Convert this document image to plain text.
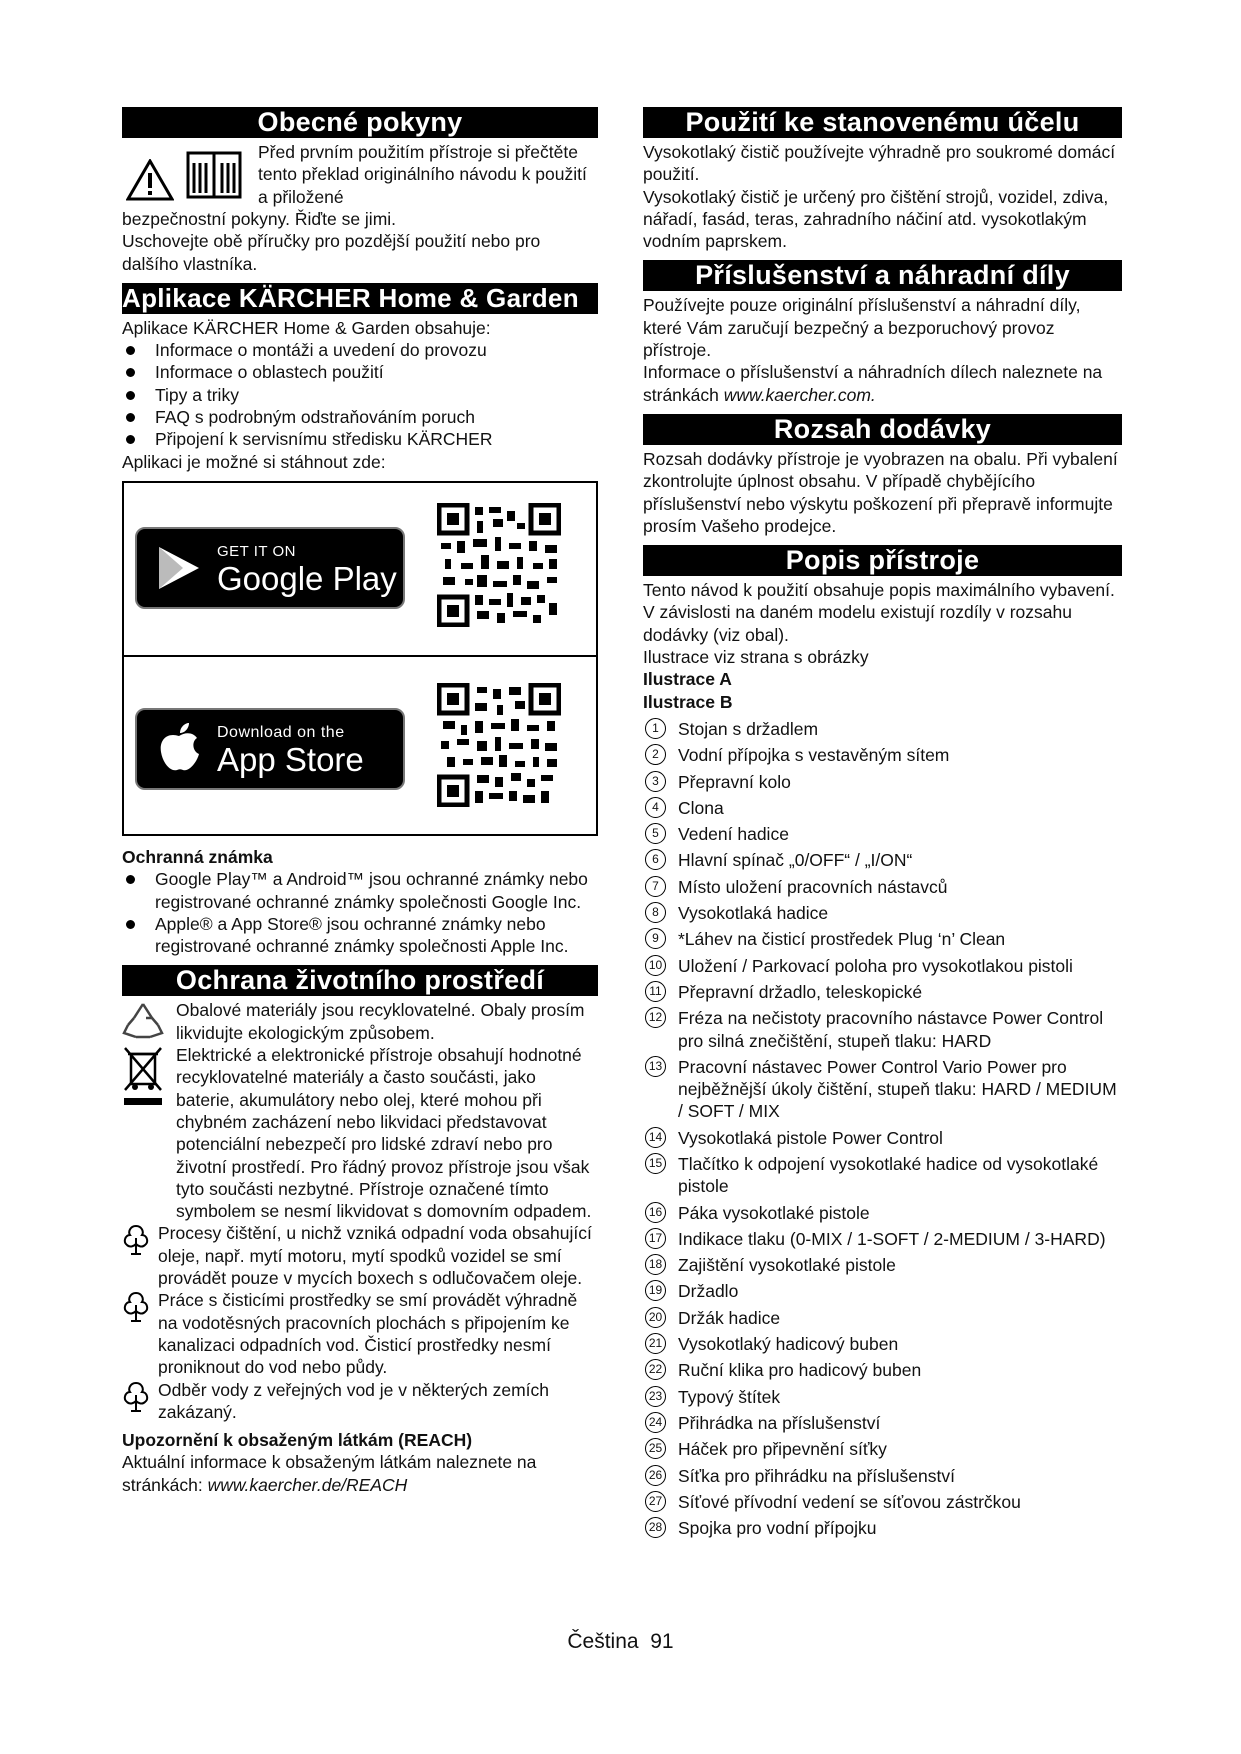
Obecné pokyny
Před prvním použitím přístroje si přečtěte tento překlad originálního návodu k použití a přiložené

bezpečnostní pokyny. Řiďte se jimi.

Uschovejte obě příručky pro pozdější použití nebo pro dalšího vlastníka.

Aplikace KÄRCHER Home & Garden

Aplikace KÄRCHER Home & Garden obsahuje:

Informace o montáži a uvedení do provozu
Informace o oblastech použití
Tipy a triky
FAQ s podrobným odstraňováním poruch
Připojení k servisnímu středisku KÄRCHER

Aplikaci je možné si stáhnout zde:

GET IT ON
Google Play
Download on the
App Store

Ochranná známka

Google Play™ a Android™ jsou ochranné známky nebo registrované ochranné známky společnosti Google Inc.
Apple® a App Store® jsou ochranné známky nebo registrované ochranné známky společnosti Apple Inc.
Ochrana životního prostředí

Obalové materiály jsou recyklovatelné. Obaly prosím likvidujte ekologickým způsobem.

Elektrické a elektronické přístroje obsahují hodnotné recyklovatelné materiály a často součásti, jako baterie, akumulátory nebo olej, které mohou při chybném zacházení nebo likvidaci představovat potenciální nebezpečí pro lidské zdraví nebo pro životní prostředí. Pro řádný provoz přístroje jsou však tyto součásti nezbytné. Přístroje označené tímto symbolem se nesmí likvidovat s domovním odpadem.

Procesy čištění, u nichž vzniká odpadní voda obsahující oleje, např. mytí motoru, mytí spodků vozidel se smí provádět pouze v mycích boxech s odlučovačem oleje.

Práce s čisticími prostředky se smí provádět výhradně na vodotěsných pracovních plochách s připojením ke kanalizaci odpadních vod. Čisticí prostředky nesmí proniknout do vod nebo půdy.

Odběr vody z veřejných vod je v některých zemích zakázaný.

Upozornění k obsaženým látkám (REACH)

Aktuální informace k obsaženým látkám naleznete na stránkách: www.kaercher.de/REACH

Použití ke stanovenému účelu

Vysokotlaký čistič používejte výhradně pro soukromé domácí použití.

Vysokotlaký čistič je určený pro čištění strojů, vozidel, zdiva, nářadí, fasád, teras, zahradního náčiní atd. vysokotlakým vodním paprskem.

Příslušenství a náhradní díly

Používejte pouze originální příslušenství a náhradní díly, které Vám zaručují bezpečný a bezporuchový provoz přístroje.

Informace o příslušenství a náhradních dílech naleznete na stránkách www.kaercher.com.

Rozsah dodávky

Rozsah dodávky přístroje je vyobrazen na obalu. Při vybalení zkontrolujte úplnost obsahu. V případě chybějícího příslušenství nebo výskytu poškození při přepravě informujte prosím Vašeho prodejce.

Popis přístroje

Tento návod k použití obsahuje popis maximálního vybavení. V závislosti na daném modelu existují rozdíly v rozsahu dodávky (viz obal).

Ilustrace viz strana s obrázky

Ilustrace A

Ilustrace B

1	Stojan s držadlem
2	Vodní přípojka s vestavěným sítem
3	Přepravní kolo
4	Clona
5	Vedení hadice
6	Hlavní spínač „0/OFF“ / „I/ON“
7	Místo uložení pracovních nástavců
8	Vysokotlaká hadice
9	*Láhev na čisticí prostředek Plug ‘n’ Clean
10 Uložení / Parkovací poloha pro vysokotlakou pistoli
11 Přepravní držadlo, teleskopické
12 Fréza na nečistoty pracovního nástavce Power Control pro silná znečištění, stupeň tlaku: HARD
13 Pracovní nástavec Power Control Vario Power pro nejběžnější úkoly čištění, stupeň tlaku: HARD / MEDIUM / SOFT / MIX
14 Vysokotlaká pistole Power Control
15 Tlačítko k odpojení vysokotlaké hadice od vysokotlaké pistole
16 Páka vysokotlaké pistole
17 Indikace tlaku (0-MIX / 1-SOFT / 2-MEDIUM / 3-HARD)
18 Zajištění vysokotlaké pistole
19 Držadlo
20 Držák hadice
21 Vysokotlaký hadicový buben
22 Ruční klika pro hadicový buben
23 Typový štítek
24 Přihrádka na příslušenství
25 Háček pro připevnění síťky
26 Síťka pro přihrádku na příslušenství
27 Síťové přívodní vedení se síťovou zástrčkou
28 Spojka pro vodní přípojku
Čeština 91
